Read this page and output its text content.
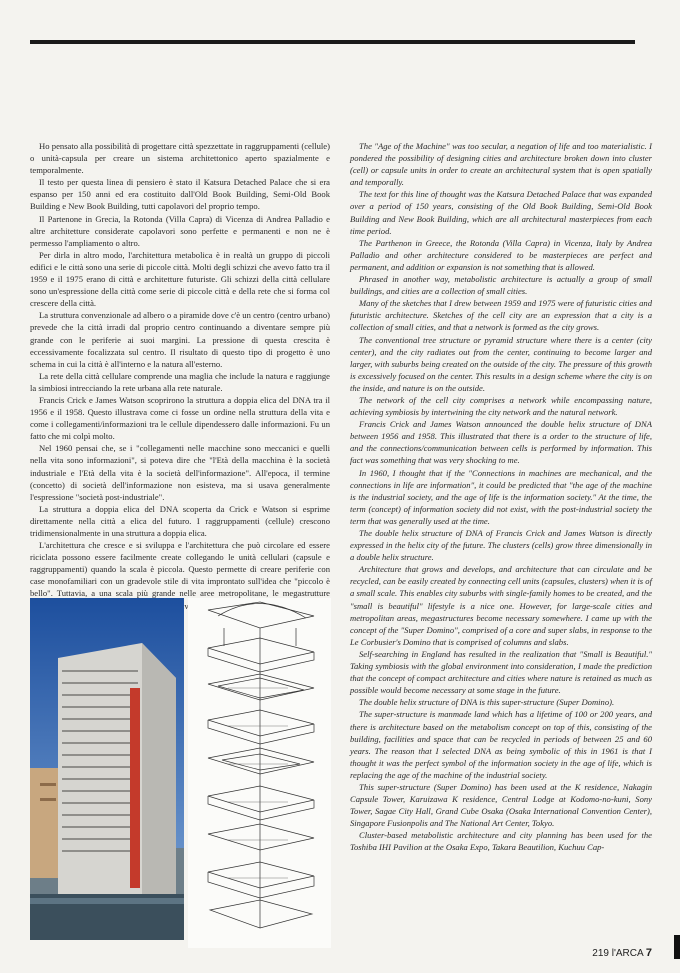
Ho pensato alla possibilità di progettare città spezzettate in raggruppamenti (cellule) o unità-capsula per creare un sistema architettonico aperto spazialmente e temporalmente.

Il testo per questa linea di pensiero è stato il Katsura Detached Palace che si era espanso per 150 anni ed era costituito dall'Old Book Building, Semi-Old Book Building e New Book Building, tutti capolavori del proprio tempo.

Il Partenone in Grecia, la Rotonda (Villa Capra) di Vicenza di Andrea Palladio e altre architetture considerate capolavori sono perfette e permanenti e non ne è permesso l'ampliamento o altro.

Per dirla in altro modo, l'architettura metabolica è in realtà un gruppo di piccoli edifici e le città sono una serie di piccole città. Molti degli schizzi che avevo fatto tra il 1959 e il 1975 erano di città e architetture futuriste. Gli schizzi della città cellulare sono un'espressione della città come serie di piccole città e della rete che si forma col crescere della città.

La struttura convenzionale ad albero o a piramide dove c'è un centro (centro urbano) prevede che la città irradi dal proprio centro continuando a diventare sempre più grande con le periferie ai suoi margini. La pressione di questa crescita è eccessivamente focalizzata sul centro. Il risultato di questo tipo di progetto è uno schema in cui la città è all'interno e la natura all'esterno.

La rete della città cellulare comprende una maglia che include la natura e raggiunge la simbiosi intrecciando la rete urbana alla rete naturale.

Francis Crick e James Watson scoprirono la struttura a doppia elica del DNA tra il 1956 e il 1958. Questo illustrava come ci fosse un ordine nella struttura della vita e come i collegamenti/informazioni tra le cellule dipendessero dalle informazioni. Fu un fatto che mi colpì molto.

Nel 1960 pensai che, se i "collegamenti nelle macchine sono meccanici e quelli nella vita sono informazioni", si poteva dire che "l'Età della macchina è la società industriale e l'Età della vita è la società dell'informazione". All'epoca, il termine (concetto) di società dell'informazione non esisteva, ma si usava generalmente l'espressione "società post-industriale".

La struttura a doppia elica del DNA scoperta da Crick e Watson si esprime direttamente nella città a elica del futuro. I raggruppamenti (cellule) crescono tridimensionalmente in una struttura a doppia elica.

L'architettura che cresce e si sviluppa e l'architettura che può circolare ed essere riciclata possono essere facilmente create collegando le unità cellulari (capsule e raggruppamenti) quando la scala è piccola. Questo permette di creare periferie con case monofamiliari con un gradevole stile di vita improntato sull'idea che "piccolo è bello". Tuttavia, a una scala più grande nelle aree metropolitane, le megastrutture

The "Age of the Machine" was too secular, a negation of life and too materialistic. I pondered the possibility of designing cities and architecture broken down into cluster (cell) or capsule units in order to create an architectural system that is open spatially and temporally.

The text for this line of thought was the Katsura Detached Palace that was expanded over a period of 150 years, consisting of the Old Book Building, Semi-Old Book Building and New Book Building, which are all architectural masterpieces from each time period.

The Parthenon in Greece, the Rotonda (Villa Capra) in Vicenza, Italy by Andrea Palladio and other architecture considered to be masterpieces are perfect and permanent, and addition or expansion is not something that is allowed.

Phrased in another way, metabolistic architecture is actually a group of small buildings, and cities are a collection of small cities.

Many of the sketches that I drew between 1959 and 1975 were of futuristic cities and futuristic architecture. Sketches of the cell city are an expression that a city is a collection of small cities, and that a network is formed as the city grows.

The conventional tree structure or pyramid structure where there is a center (city center), and the city radiates out from the center, continuing to become larger and larger, with suburbs being created on the outside of the city. The pressure of this growth is excessively focused on the center. This results in a design scheme where the city is on the inside, and nature is on the outside.

The network of the cell city comprises a network while encompassing nature, achieving symbiosis by intertwining the city network and the natural network.

Francis Crick and James Watson announced the double helix structure of DNA between 1956 and 1958. This illustrated that there is a order to the structure of life, and the connections/communication between cells is performed by information. This fact was something that was very shocking to me.

In 1960, I thought that if the "Connections in machines are mechanical, and the connections in life are information", it could be predicted that "the age of the machine is the industrial society, and the age of life is the information society." At the time, the term (concept) of information society did not exist, with the post-industrial society the term that was generally used at the time.

The double helix structure of DNA of Francis Crick and James Watson is directly expressed in the helix city of the future. The clusters (cells) grow three dimensionally in a double helix structure.

Architecture that grows and develops, and architecture that can circulate and be recycled, can be easily created by connecting cell units (capsules, clusters) when it is of a small scale. This enables city suburbs with single-family homes to be created, and the "small is beautiful" lifestyle is a nice one. However, for large-scale cities and metropolitan areas, megastructures become necessary somewhere. I came up with the concept of the "Super Domino", comprised of a core and super slabs, in response to the Le Corbusier's Domino that is comprised of columns and slabs.

Self-searching in England has resulted in the realization that "Small is Beautiful." Taking symbiosis with the global environment into consideration, I made the prediction that the concept of compact architecture and cities where nature is retained as much as possible would become necessary at some stage in the future.

The double helix structure of DNA is this super-structure (Super Domino).

The super-structure is manmade land which has a lifetime of 100 or 200 years, and there is architecture based on the metabolism concept on top of this, consisting of the building, facilities and space that can be recycled in periods of between 25 and 60 years. The reason that I selected DNA as being symbolic of this in 1961 is that I thought it was the perfect symbol of the information society in the age of life, which is replacing the age of the machine of the industrial society.

This super-structure (Super Domino) has been used at the K residence, Nakagin Capsule Tower, Karuizawa K residence, Central Lodge at Kodomo-no-kuni, Sony Tower, Sagae City Hall, Grand Cube Osaka (Osaka International Convention Center), Singapore Fusionpolis and The National Art Center, Tokyo.

Cluster-based metabolistic architecture and city planning has been used for the Toshiba IHI Pavilion at the Osaka Expo, Takara Beautilion, Kuchuu Cap-

219 l'ARCA 7
